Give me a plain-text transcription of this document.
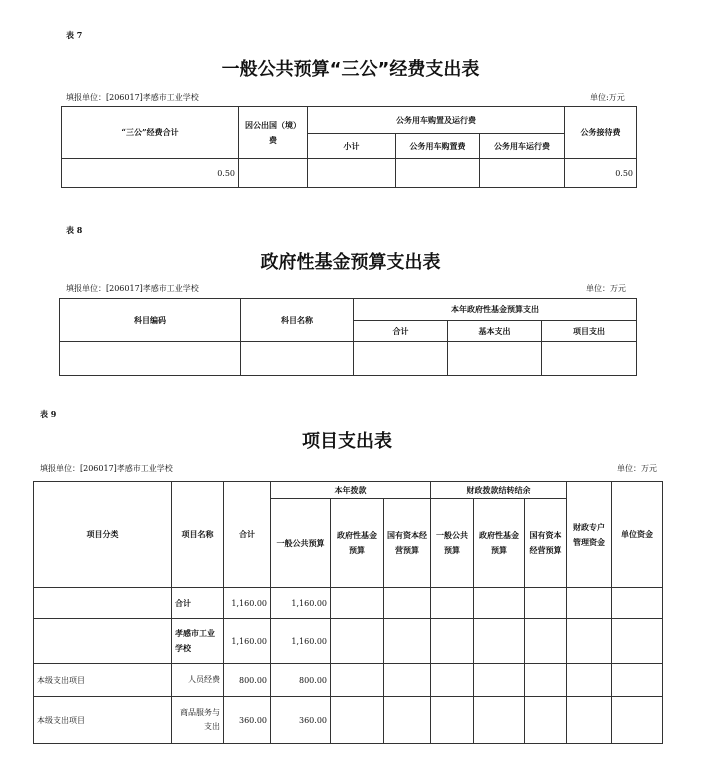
表 7
一般公共预算“三公”经费支出表
填报单位：[206017]孝感市工业学校	单位:万元
“三公”经费合计	因公出国（境）费	公务用车购置及运行费			公务接待费
		小计	公务用车购置费	公务用车运行费	
0.50					0.50
表 8
政府性基金预算支出表
填报单位：[206017]孝感市工业学校	单位：万元
科目编码	科目名称	本年政府性基金预算支出		
		合计	基本支出	项目支出

表 9
项目支出表
填报单位：[206017]孝感市工业学校	单位：万元
项目分类	项目名称	合计	本年拨款			财政拨款结转结余			财政专户管理资金	单位资金
			一般公共预算	政府性基金预算	国有资本经营预算	一般公共预算	政府性基金预算	国有资本经营预算		
	合计	1,160.00	1,160.00							
	孝感市工业学校	1,160.00	1,160.00							
本级支出项目	人员经费	800.00	800.00							
本级支出项目	商品服务与支出	360.00	360.00							
